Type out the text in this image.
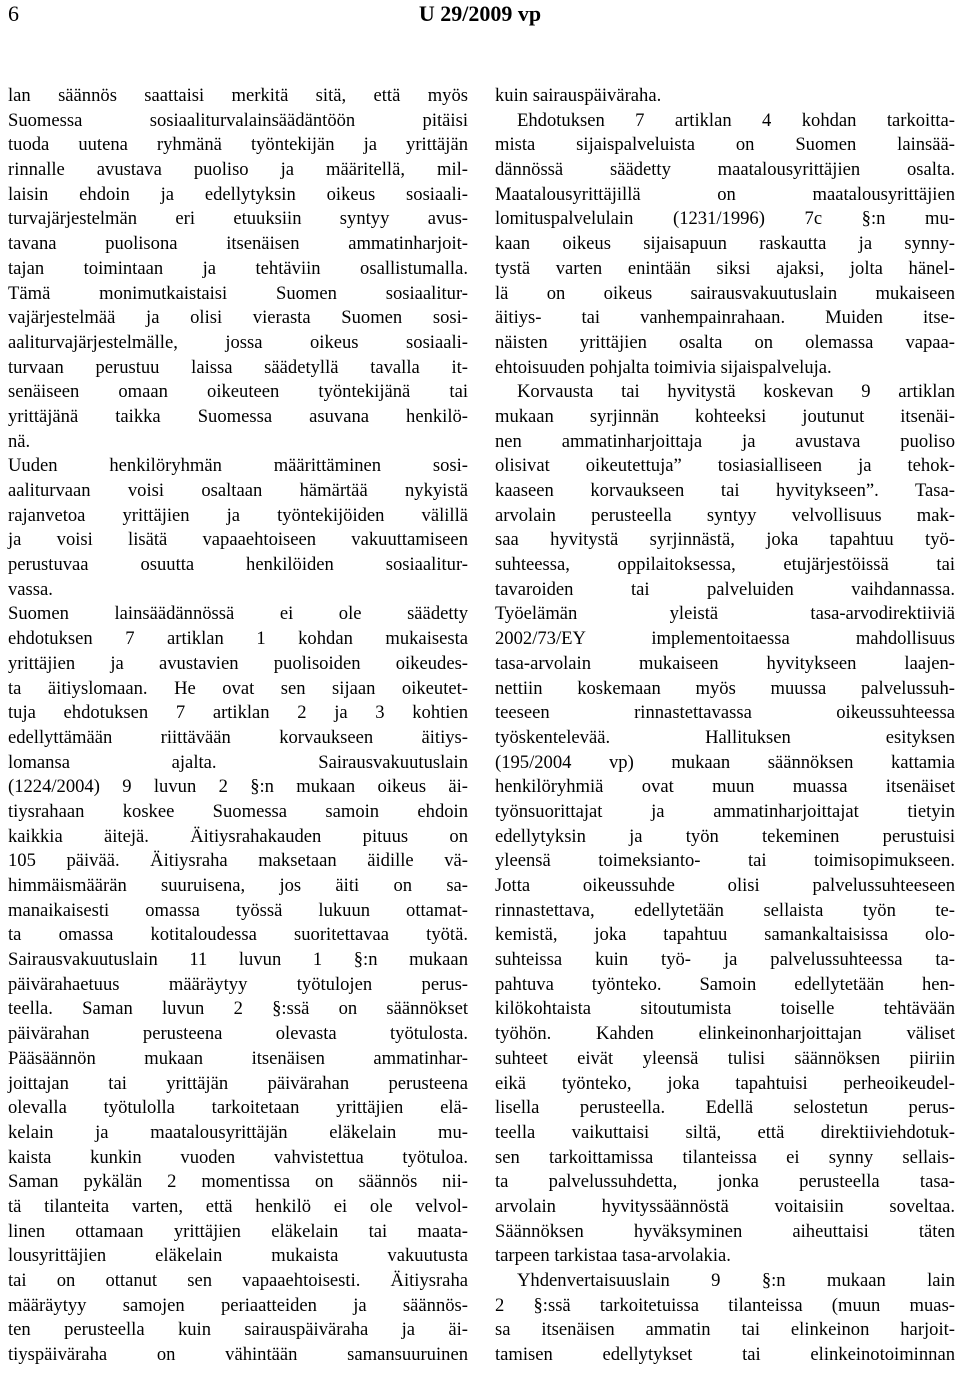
6	U 29/2009 vp
lan säännös saattaisi merkitä sitä, että myös
Suomessa sosiaaliturvalainsäädäntöön pitäisi
tuoda uutena ryhmänä työntekijän ja yrittäjän
rinnalle avustava puoliso ja määritellä, mil-
laisin ehdoin ja edellytyksin oikeus sosiaali-
turvajärjestelmän eri etuuksiin syntyy avus-
tavana puolisona itsenäisen ammatinharjoit-
tajan toimintaan ja tehtäviin osallistumalla.
Tämä monimutkaistaisi Suomen sosiaalitur-
vajärjestelmää ja olisi vierasta Suomen sosi-
aaliturvajärjestelmälle, jossa oikeus sosiaali-
turvaan perustuu laissa säädetyllä tavalla it-
senäiseen omaan oikeuteen työntekijänä tai
yrittäjänä taikka Suomessa asuvana henkilö-
nä.
Uuden henkilöryhmän määrittäminen sosi-
aaliturvaan voisi osaltaan hämärtää nykyistä
rajanvetoa yrittäjien ja työntekijöiden välillä
ja voisi lisätä vapaaehtoiseen vakuuttamiseen
perustuvaa osuutta henkilöiden sosiaalitur-
vassa.
Suomen lainsäädännössä ei ole säädetty
ehdotuksen 7 artiklan 1 kohdan mukaisesta
yrittäjien ja avustavien puolisoiden oikeudes-
ta äitiyslomaan. He ovat sen sijaan oikeutet-
tuja ehdotuksen 7 artiklan 2 ja 3 kohtien
edellyttämään riittävään korvaukseen äitiys-
lomansa ajalta. Sairausvakuutuslain
(1224/2004) 9 luvun 2 §:n mukaan oikeus äi-
tiysrahaan koskee Suomessa samoin ehdoin
kaikkia äitejä. Äitiysrahakauden pituus on
105 päivää. Äitiysraha maksetaan äidille vä-
himmäismäärän suuruisena, jos äiti on sa-
manaikaisesti omassa työssä lukuun ottamat-
ta omassa kotitaloudessa suoritettavaa työtä.
Sairausvakuutuslain 11 luvun 1 §:n mukaan
päivärahaetuus määräytyy työtulojen perus-
teella. Saman luvun 2 §:ssä on säännökset
päivärahan perusteena olevasta työtulosta.
Pääsäännön mukaan itsenäisen ammatinhar-
joittajan tai yrittäjän päivärahan perusteena
olevalla työtulolla tarkoitetaan yrittäjien elä-
kelain ja maatalousyrittäjän eläkelain mu-
kaista kunkin vuoden vahvistettua työtuloa.
Saman pykälän 2 momentissa on säännös nii-
tä tilanteita varten, että henkilö ei ole velvol-
linen ottamaan yrittäjien eläkelain tai maata-
lousyrittäjien eläkelain mukaista vakuutusta
tai on ottanut sen vapaaehtoisesti. Äitiysraha
määräytyy samojen periaatteiden ja säännös-
ten perusteella kuin sairauspäiväraha ja äi-
tiyspäiväraha on vähintään samansuuruinen
kuin sairauspäiväraha.
Ehdotuksen 7 artiklan 4 kohdan tarkoitta-
mista sijaispalveluista on Suomen lainsää-
dännössä säädetty maatalousyrittäjien osalta.
Maatalousyrittäjillä on maatalousyrittäjien
lomituspalvelulain (1231/1996) 7c §:n mu-
kaan oikeus sijaisapuun raskautta ja synny-
tystä varten enintään siksi ajaksi, jolta hänel-
lä on oikeus sairausvakuutuslain mukaiseen
äitiys- tai vanhempainrahaan. Muiden itse-
näisten yrittäjien osalta on olemassa vapaa-
ehtoisuuden pohjalta toimivia sijaispalveluja.
Korvausta tai hyvitystä koskevan 9 artiklan
mukaan syrjinnän kohteeksi joutunut itsenäi-
nen ammatinharjoittaja ja avustava puoliso
olisivat oikeutettuja” tosiasialliseen ja tehok-
kaaseen korvaukseen tai hyvitykseen”. Tasa-
arvolain perusteella syntyy velvollisuus mak-
saa hyvitystä syrjinnästä, joka tapahtuu työ-
suhteessa, oppilaitoksessa, etujärjestöissä tai
tavaroiden tai palveluiden vaihdannassa.
Työelämän yleistä tasa-arvodirektiiviä
2002/73/EY implementoitaessa mahdollisuus
tasa-arvolain mukaiseen hyvitykseen laajen-
nettiin koskemaan myös muussa palvelussuh-
teeseen rinnastettavassa oikeussuhteessa
työskentelevää. Hallituksen esityksen
(195/2004 vp) mukaan säännöksen kattamia
henkilöryhmiä ovat muun muassa itsenäiset
työnsuorittajat ja ammatinharjoittajat tietyin
edellytyksin ja työn tekeminen perustuisi
yleensä toimeksianto- tai toimisopimukseen.
Jotta oikeussuhde olisi palvelussuhteeseen
rinnastettava, edellytetään sellaista työn te-
kemistä, joka tapahtuu samankaltaisissa olo-
suhteissa kuin työ- ja palvelussuhteessa ta-
pahtuva työnteko. Samoin edellytetään hen-
kilökohtaista sitoutumista toiselle tehtävään
työhön. Kahden elinkeinonharjoittajan väliset
suhteet eivät yleensä tulisi säännöksen piiriin
eikä työnteko, joka tapahtuisi perheoikeudel-
lisella perusteella. Edellä selostetun perus-
teella vaikuttaisi siltä, että direktiiviehdotuk-
sen tarkoittamissa tilanteissa ei synny sellais-
ta palvelussuhdetta, jonka perusteella tasa-
arvolain hyvityssäännöstä voitaisiin soveltaa.
Säännöksen hyväksyminen aiheuttaisi täten
tarpeen tarkistaa tasa-arvolakia.
Yhdenvertaisuuslain 9 §:n mukaan lain
2 §:ssä tarkoitetuissa tilanteissa (muun muas-
sa itsenäisen ammatin tai elinkeinon harjoit-
tamisen edellytykset tai elinkeinotoiminnan
